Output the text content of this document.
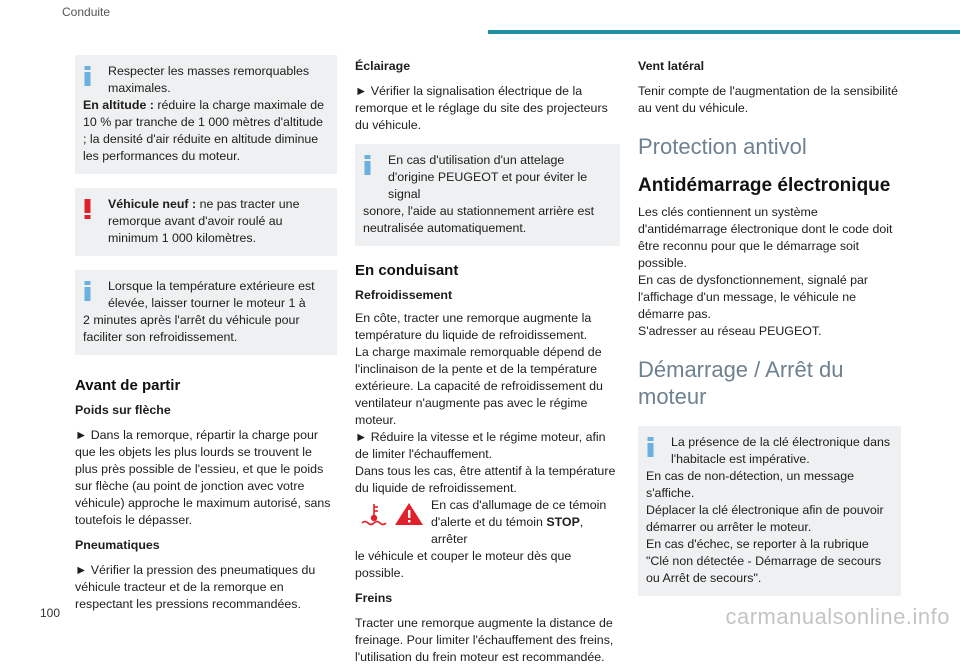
Conduite

Respecter les masses remorquables maximales.

En altitude : réduire la charge maximale de 10 % par tranche de 1 000 mètres d'altitude ; la densité d'air réduite en altitude diminue les performances du moteur.

Véhicule neuf : ne pas tracter une remorque avant d'avoir roulé au minimum 1 000 kilomètres.

Lorsque la température extérieure est élevée, laisser tourner le moteur 1 à

2 minutes après l'arrêt du véhicule pour faciliter son refroidissement.

Avant de partir
Poids sur flèche

► Dans la remorque, répartir la charge pour que les objets les plus lourds se trouvent le plus près possible de l'essieu, et que le poids sur flèche (au point de jonction avec votre véhicule) approche le maximum autorisé, sans toutefois le dépasser.

Pneumatiques

► Vérifier la pression des pneumatiques du véhicule tracteur et de la remorque en respectant les pressions recommandées.

Éclairage

► Vérifier la signalisation électrique de la remorque et le réglage du site des projecteurs du véhicule.

En cas d'utilisation d'un attelage d'origine PEUGEOT et pour éviter le signal

sonore, l'aide au stationnement arrière est neutralisée automatiquement.

En conduisant
Refroidissement

En côte, tracter une remorque augmente la température du liquide de refroidissement.

La charge maximale remorquable dépend de l'inclinaison de la pente et de la température extérieure. La capacité de refroidissement du ventilateur n'augmente pas avec le régime moteur.

► Réduire la vitesse et le régime moteur, afin de limiter l'échauffement.

Dans tous les cas, être attentif à la température du liquide de refroidissement.

En cas d'allumage de ce témoin d'alerte et du témoin STOP, arrêter

le véhicule et couper le moteur dès que possible.

Freins

Tracter une remorque augmente la distance de freinage. Pour limiter l'échauffement des freins, l'utilisation du frein moteur est recommandée.

Vent latéral

Tenir compte de l'augmentation de la sensibilité au vent du véhicule.

Protection antivol
Antidémarrage électronique

Les clés contiennent un système d'antidémarrage électronique dont le code doit être reconnu pour que le démarrage soit possible.

En cas de dysfonctionnement, signalé par l'affichage d'un message, le véhicule ne démarre pas.

S'adresser au réseau PEUGEOT.

Démarrage / Arrêt du moteur

La présence de la clé électronique dans l'habitacle est impérative.

En cas de non-détection, un message s'affiche.

Déplacer la clé électronique afin de pouvoir démarrer ou arrêter le moteur.

En cas d'échec, se reporter à la rubrique "Clé non détectée - Démarrage de secours ou Arrêt de secours".

100	carmanualsonline.info
